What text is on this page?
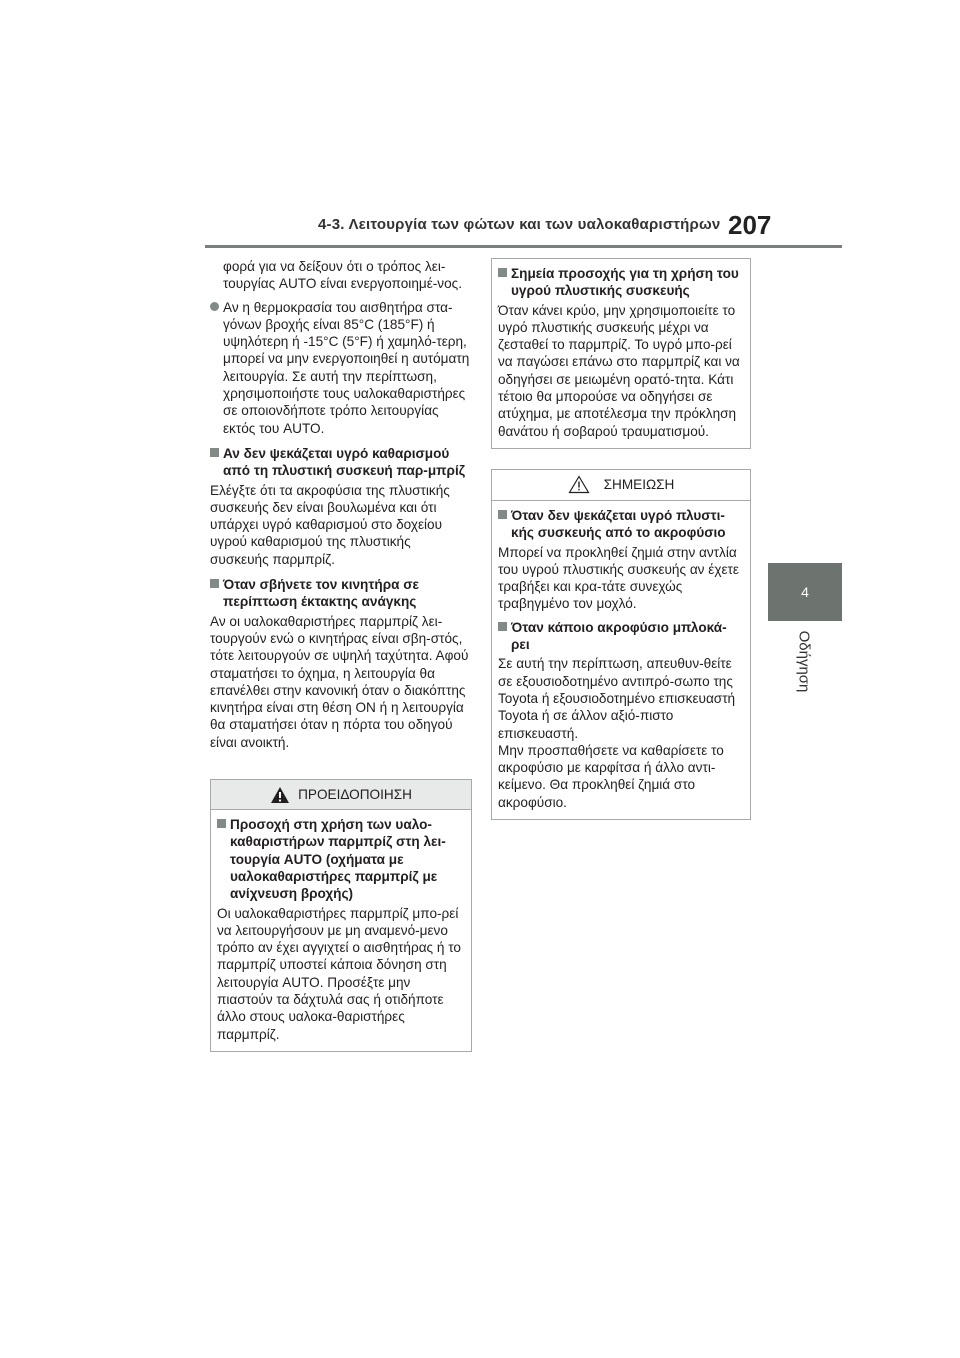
4-3. Λειτουργία των φώτων και των υαλοκαθαριστήρων 207
4
Οδήγηση

φορά για να δείξουν ότι ο τρόπος λει-τουργίας AUTO είναι ενεργοποιημέ-νος.

Αν η θερμοκρασία του αισθητήρα στα-γόνων βροχής είναι 85°C (185°F) ή υψηλότερη ή -15°C (5°F) ή χαμηλό-τερη, μπορεί να μην ενεργοποιηθεί η αυτόματη λειτουργία. Σε αυτή την περίπτωση, χρησιμοποιήστε τους υαλοκαθαριστήρες σε οποιονδήποτε τρόπο λειτουργίας εκτός του AUTO.

Αν δεν ψεκάζεται υγρό καθαρισμού από τη πλυστική συσκευή παρ-μπρίζ

Ελέγξτε ότι τα ακροφύσια της πλυστικής συσκευής δεν είναι βουλωμένα και ότι υπάρχει υγρό καθαρισμού στο δοχείου υγρού καθαρισμού της πλυστικής συσκευής παρμπρίζ.

Όταν σβήνετε τον κινητήρα σε περίπτωση έκτακτης ανάγκης

Αν οι υαλοκαθαριστήρες παρμπρίζ λει-τουργούν ενώ ο κινητήρας είναι σβη-στός, τότε λειτουργούν σε υψηλή ταχύτητα. Αφού σταματήσει το όχημα, η λειτουργία θα επανέλθει στην κανονική όταν ο διακόπτης κινητήρα είναι στη θέση ON ή η λειτουργία θα σταματήσει όταν η πόρτα του οδηγού είναι ανοικτή.

ΠΡΟΕΙΔΟΠΟΙΗΣΗ
Προσοχή στη χρήση των υαλο-καθαριστήρων παρμπρίζ στη λει-τουργία AUTO (οχήματα με υαλοκαθαριστήρες παρμπρίζ με ανίχνευση βροχής)

Οι υαλοκαθαριστήρες παρμπρίζ μπο-ρεί να λειτουργήσουν με μη αναμενό-μενο τρόπο αν έχει αγγιχτεί ο αισθητήρας ή το παρμπρίζ υποστεί κάποια δόνηση στη λειτουργία AUTO. Προσέξτε μην πιαστούν τα δάχτυλά σας ή οτιδήποτε άλλο στους υαλοκα-θαριστήρες παρμπρίζ.

Σημεία προσοχής για τη χρήση του υγρού πλυστικής συσκευής

Όταν κάνει κρύο, μην χρησιμοποιείτε το υγρό πλυστικής συσκευής μέχρι να ζεσταθεί το παρμπρίζ. Το υγρό μπο-ρεί να παγώσει επάνω στο παρμπρίζ και να οδηγήσει σε μειωμένη ορατό-τητα. Κάτι τέτοιο θα μπορούσε να οδηγήσει σε ατύχημα, με αποτέλεσμα την πρόκληση θανάτου ή σοβαρού τραυματισμού.

ΣΗΜΕΙΩΣΗ
Όταν δεν ψεκάζεται υγρό πλυστι-κής συσκευής από το ακροφύσιο

Μπορεί να προκληθεί ζημιά στην αντλία του υγρού πλυστικής συσκευής αν έχετε τραβήξει και κρα-τάτε συνεχώς τραβηγμένο τον μοχλό.

Όταν κάποιο ακροφύσιο μπλοκά-ρει

Σε αυτή την περίπτωση, απευθυν-θείτε σε εξουσιοδοτημένο αντιπρό-σωπο της Toyota ή εξουσιοδοτημένο επισκευαστή Toyota ή σε άλλον αξιό-πιστο επισκευαστή.

Μην προσπαθήσετε να καθαρίσετε το ακροφύσιο με καρφίτσα ή άλλο αντι-κείμενο. Θα προκληθεί ζημιά στο ακροφύσιο.
